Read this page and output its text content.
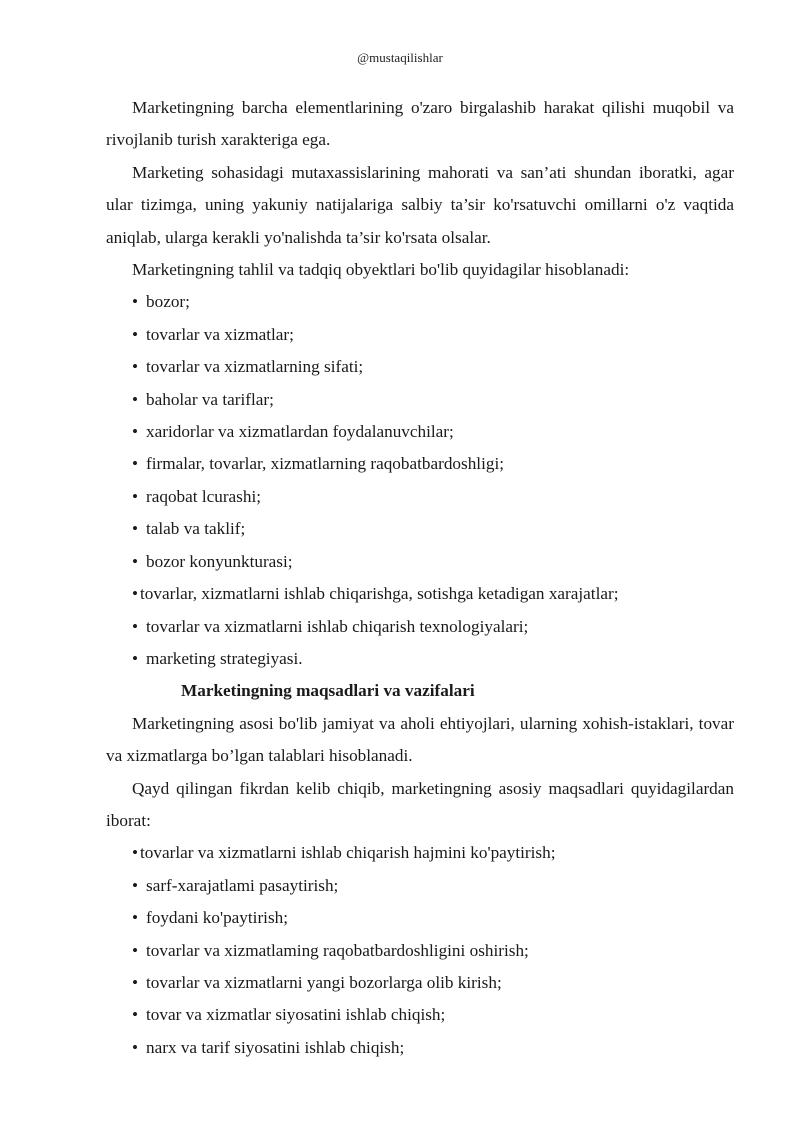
@mustaqilishlar

Marketingning barcha elementlarining o'zaro birgalashib harakat qilishi muqobil va rivojlanib turish xarakteriga ega.

Marketing sohasidagi mutaxassislarining mahorati va san’ati shundan iboratki, agar ular tizimga, uning yakuniy natijalariga salbiy ta’sir ko'rsatuvchi omillarni o'z vaqtida aniqlab, ularga kerakli yo'nalishda ta’sir ko'rsata olsalar.

Marketingning tahlil va tadqiq obyektlari bo'lib quyidagilar hisoblanadi:

• bozor;

• tovarlar va xizmatlar;

• tovarlar va xizmatlarning sifati;

• baholar va tariflar;

• xaridorlar va xizmatlardan foydalanuvchilar;

• firmalar, tovarlar, xizmatlarning raqobatbardoshligi;

• raqobat lcurashi;

• talab va taklif;

• bozor konyunkturasi;

• tovarlar, xizmatlarni ishlab chiqarishga, sotishga ketadigan xarajatlar;

• tovarlar va xizmatlarni ishlab chiqarish texnologiyalari;

• marketing strategiyasi.

Marketingning maqsadlari va vazifalari

Marketingning asosi bo'lib jamiyat va aholi ehtiyojlari, ularning xohish-istaklari, tovar va xizmatlarga bo’lgan talablari hisoblanadi.

Qayd qilingan fikrdan kelib chiqib, marketingning asosiy maqsadlari quyidagilardan iborat:

• tovarlar va xizmatlarni ishlab chiqarish hajmini ko'paytirish;

• sarf-xarajatlami pasaytirish;

• foydani ko'paytirish;

• tovarlar va xizmatlaming raqobatbardoshligini oshirish;

• tovarlar va xizmatlarni yangi bozorlarga olib kirish;

• tovar va xizmatlar siyosatini ishlab chiqish;

• narx va tarif siyosatini ishlab chiqish;
